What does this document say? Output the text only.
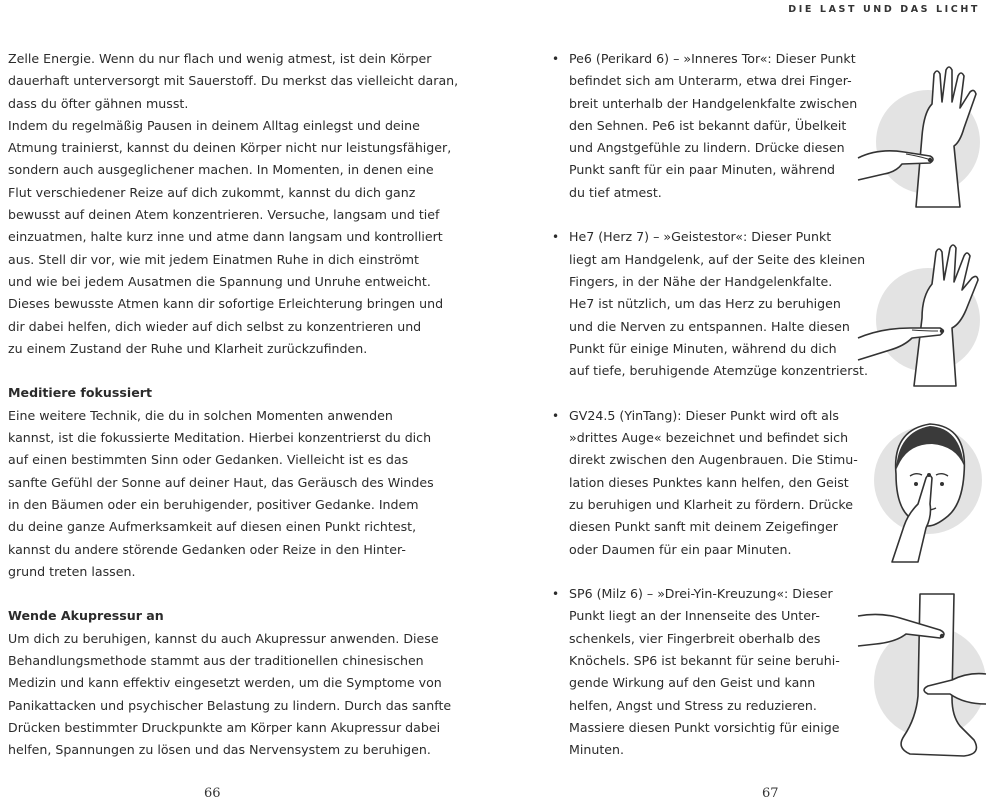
DIE LAST UND DAS LICHT
Zelle Energie. Wenn du nur flach und wenig atmest, ist dein Körper
dauerhaft unterversorgt mit Sauerstoff. Du merkst das vielleicht daran,
dass du öfter gähnen musst.
Indem du regelmäßig Pausen in deinem Alltag einlegst und deine
Atmung trainierst, kannst du deinen Körper nicht nur leistungsfähiger,
sondern auch ausgeglichener machen. In Momenten, in denen eine
Flut verschiedener Reize auf dich zukommt, kannst du dich ganz
bewusst auf deinen Atem konzentrieren. Versuche, langsam und tief
einzuatmen, halte kurz inne und atme dann langsam und kontrolliert
aus. Stell dir vor, wie mit jedem Einatmen Ruhe in dich einströmt
und wie bei jedem Ausatmen die Spannung und Unruhe entweicht.
Dieses bewusste Atmen kann dir sofortige Erleichterung bringen und
dir dabei helfen, dich wieder auf dich selbst zu konzentrieren und
zu einem Zustand der Ruhe und Klarheit zurückzufinden.
Meditiere fokussiert
Eine weitere Technik, die du in solchen Momenten anwenden
kannst, ist die fokussierte Meditation. Hierbei konzentrierst du dich
auf einen bestimmten Sinn oder Gedanken. Vielleicht ist es das
sanfte Gefühl der Sonne auf deiner Haut, das Geräusch des Windes
in den Bäumen oder ein beruhigender, positiver Gedanke. Indem
du deine ganze Aufmerksamkeit auf diesen einen Punkt richtest,
kannst du andere störende Gedanken oder Reize in den Hinter-
grund treten lassen.
Wende Akupressur an
Um dich zu beruhigen, kannst du auch Akupressur anwenden. Diese
Behandlungsmethode stammt aus der traditionellen chinesischen
Medizin und kann effektiv eingesetzt werden, um die Symptome von
Panikattacken und psychischer Belastung zu lindern. Durch das sanfte
Drücken bestimmter Druckpunkte am Körper kann Akupressur dabei
helfen, Spannungen zu lösen und das Nervensystem zu beruhigen.
66
• Pe6 (Perikard 6) – »Inneres Tor«: Dieser Punkt
befindet sich am Unterarm, etwa drei Finger-
breit unterhalb der Handgelenkfalte zwischen
den Sehnen. Pe6 ist bekannt dafür, Übelkeit
und Angstgefühle zu lindern. Drücke diesen
Punkt sanft für ein paar Minuten, während
du tief atmest.
• He7 (Herz 7) – »Geistestor«: Dieser Punkt
liegt am Handgelenk, auf der Seite des kleinen
Fingers, in der Nähe der Handgelenkfalte.
He7 ist nützlich, um das Herz zu beruhigen
und die Nerven zu entspannen. Halte diesen
Punkt für einige Minuten, während du dich
auf tiefe, beruhigende Atemzüge konzentrierst.
• GV24.5 (YinTang): Dieser Punkt wird oft als
»drittes Auge« bezeichnet und befindet sich
direkt zwischen den Augenbrauen. Die Stimu-
lation dieses Punktes kann helfen, den Geist
zu beruhigen und Klarheit zu fördern. Drücke
diesen Punkt sanft mit deinem Zeigefinger
oder Daumen für ein paar Minuten.
• SP6 (Milz 6) – »Drei-Yin-Kreuzung«: Dieser
Punkt liegt an der Innenseite des Unter-
schenkels, vier Fingerbreit oberhalb des
Knöchels. SP6 ist bekannt für seine beruhi-
gende Wirkung auf den Geist und kann
helfen, Angst und Stress zu reduzieren.
Massiere diesen Punkt vorsichtig für einige
Minuten.
67
